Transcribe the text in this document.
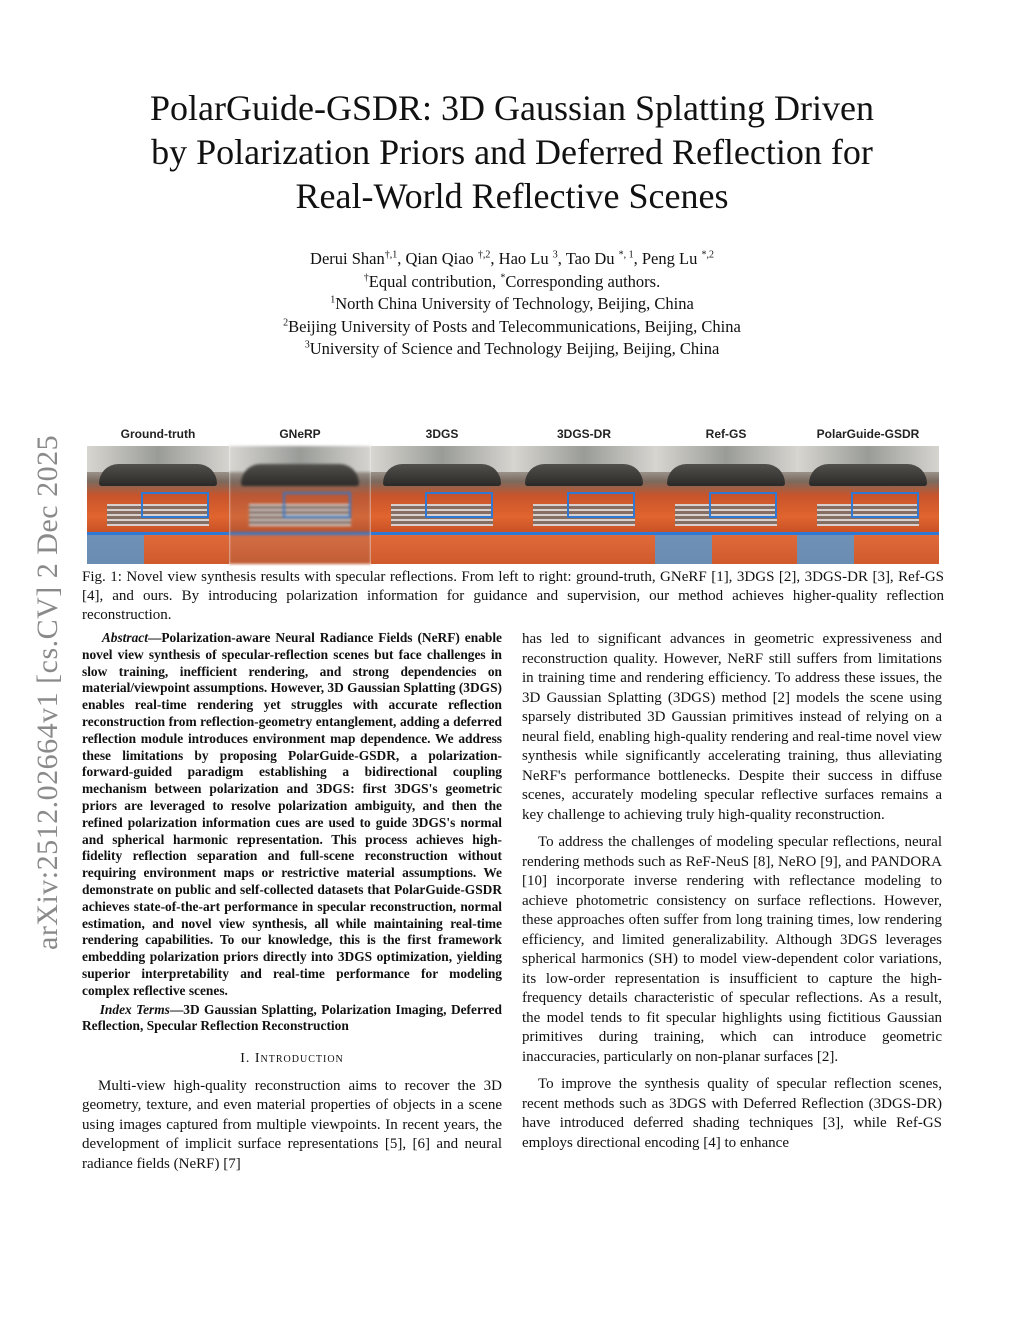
PolarGuide-GSDR: 3D Gaussian Splatting Driven
by Polarization Priors and Deferred Reflection for
Real-World Reflective Scenes
Derui Shan$^{\dagger,1}$, Qian Qiao $^{\dagger,2}$, Hao Lu $^3$, Tao Du $^{*, 1}$, Peng Lu $^{*,2}$
†Equal contribution, *Corresponding authors.
$^1$North China University of Technology, Beijing, China
$^2$Beijing University of Posts and Telecommunications, Beijing, China
$^3$University of Science and Technology Beijing, Beijing, China
arXiv:2512.02664v1 [cs.CV] 2 Dec 2025
Ground-truth	GNeRP	3DGS	3DGS-DR	Ref-GS	PolarGuide-GSDR
Fig. 1: Novel view synthesis results with specular reflections. From left to right: ground-truth, GNeRF [1], 3DGS [2], 3DGS-DR [3], Ref-GS [4], and ours. By introducing polarization information for guidance and supervision, our method achieves higher-quality reflection reconstruction.
Abstract—Polarization-aware Neural Radiance Fields (NeRF) enable novel view synthesis of specular-reflection scenes but face challenges in slow training, inefficient rendering, and strong dependencies on material/viewpoint assumptions. However, 3D Gaussian Splatting (3DGS) enables real-time rendering yet struggles with accurate reflection reconstruction from reflection-geometry entanglement, adding a deferred reflection module introduces environment map dependence. We address these limitations by proposing PolarGuide-GSDR, a polarization-forward-guided paradigm establishing a bidirectional coupling mechanism between polarization and 3DGS: first 3DGS's geometric priors are leveraged to resolve polarization ambiguity, and then the refined polarization information cues are used to guide 3DGS's normal and spherical harmonic representation. This process achieves high-fidelity reflection separation and full-scene reconstruction without requiring environment maps or restrictive material assumptions. We demonstrate on public and self-collected datasets that PolarGuide-GSDR achieves state-of-the-art performance in specular reconstruction, normal estimation, and novel view synthesis, all while maintaining real-time rendering capabilities. To our knowledge, this is the first framework embedding polarization priors directly into 3DGS optimization, yielding superior interpretability and real-time performance for modeling complex reflective scenes.
Index Terms—3D Gaussian Splatting, Polarization Imaging, Deferred Reflection, Specular Reflection Reconstruction
I. Introduction

Multi-view high-quality reconstruction aims to recover the 3D geometry, texture, and even material properties of objects in a scene using images captured from multiple viewpoints. In recent years, the development of implicit surface representations [5], [6] and neural radiance fields (NeRF) [7]

has led to significant advances in geometric expressiveness and reconstruction quality. However, NeRF still suffers from limitations in training time and rendering efficiency. To address these issues, the 3D Gaussian Splatting (3DGS) method [2] models the scene using sparsely distributed 3D Gaussian primitives instead of relying on a neural field, enabling high-quality rendering and real-time novel view synthesis while significantly accelerating training, thus alleviating NeRF's performance bottlenecks. Despite their success in diffuse scenes, accurately modeling specular reflective surfaces remains a key challenge to achieving truly high-quality reconstruction.

To address the challenges of modeling specular reflections, neural rendering methods such as ReF-NeuS [8], NeRO [9], and PANDORA [10] incorporate inverse rendering with reflectance modeling to achieve photometric consistency on surface reflections. However, these approaches often suffer from long training times, low rendering efficiency, and limited generalizability. Although 3DGS leverages spherical harmonics (SH) to model view-dependent color variations, its low-order representation is insufficient to capture the high-frequency details characteristic of specular reflections. As a result, the model tends to fit specular highlights using fictitious Gaussian primitives during training, which can introduce geometric inaccuracies, particularly on non-planar surfaces [2].

To improve the synthesis quality of specular reflection scenes, recent methods such as 3DGS with Deferred Reflection (3DGS-DR) have introduced deferred shading techniques [3], while Ref-GS employs directional encoding [4] to enhance
